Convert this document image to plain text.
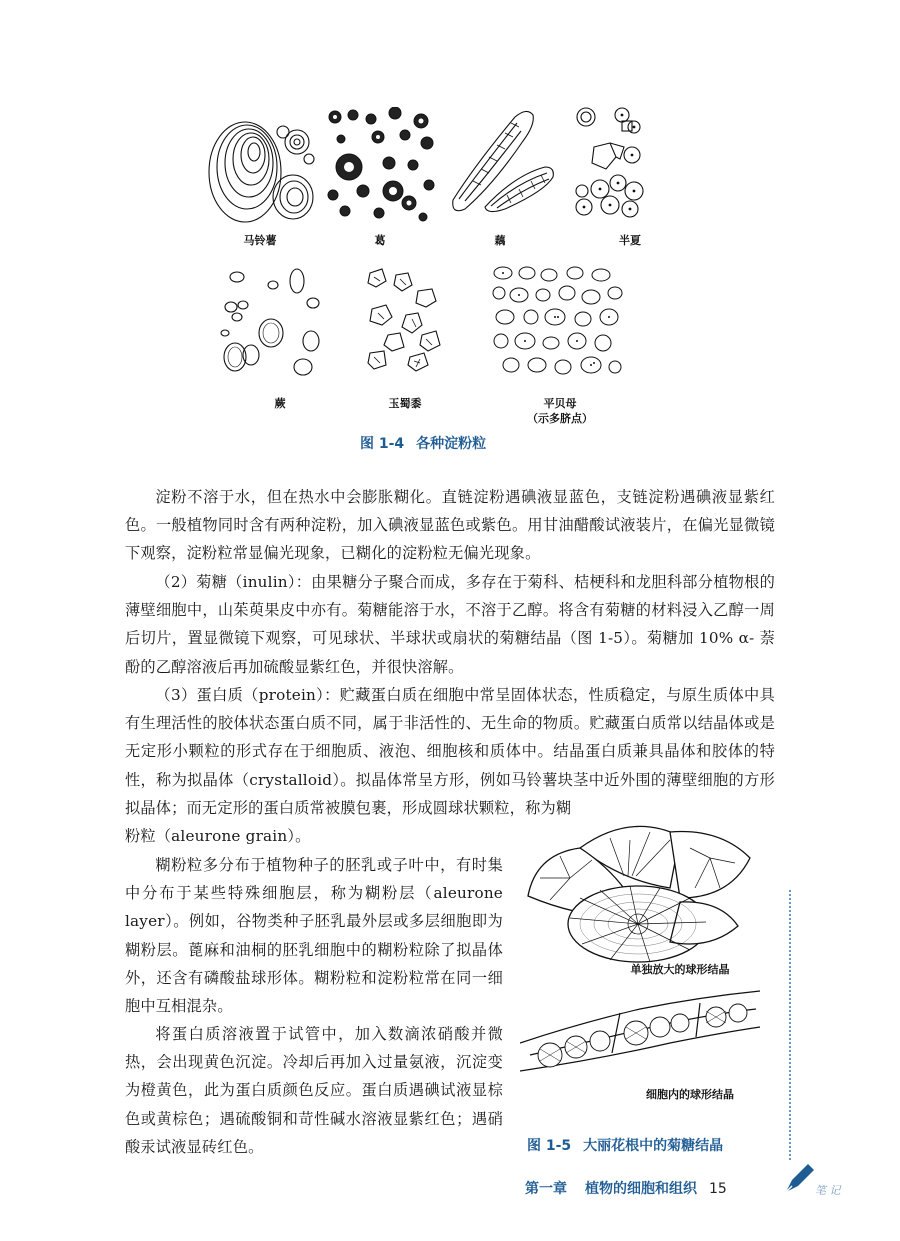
马铃薯	葛	藕	半夏
蕨	玉蜀黍	平贝母
（示多脐点）
图 1-4 各种淀粉粒

淀粉不溶于水，但在热水中会膨胀糊化。直链淀粉遇碘液显蓝色，支链淀粉遇碘液显紫红色。一般植物同时含有两种淀粉，加入碘液显蓝色或紫色。用甘油醋酸试液装片，在偏光显微镜下观察，淀粉粒常显偏光现象，已糊化的淀粉粒无偏光现象。

（2）菊糖（inulin）：由果糖分子聚合而成，多存在于菊科、桔梗科和龙胆科部分植物根的薄壁细胞中，山茱萸果皮中亦有。菊糖能溶于水，不溶于乙醇。将含有菊糖的材料浸入乙醇一周后切片，置显微镜下观察，可见球状、半球状或扇状的菊糖结晶（图 1-5）。菊糖加 10% α- 萘酚的乙醇溶液后再加硫酸显紫红色，并很快溶解。

（3）蛋白质（protein）：贮藏蛋白质在细胞中常呈固体状态，性质稳定，与原生质体中具有生理活性的胶体状态蛋白质不同，属于非活性的、无生命的物质。贮藏蛋白质常以结晶体或是无定形小颗粒的形式存在于细胞质、液泡、细胞核和质体中。结晶蛋白质兼具晶体和胶体的特性，称为拟晶体（crystalloid）。拟晶体常呈方形，例如马铃薯块茎中近外围的薄壁细胞的方形拟晶体；而无定形的蛋白质常被膜包裹，形成圆球状颗粒，称为糊

粉粒（aleurone grain）。

糊粉粒多分布于植物种子的胚乳或子叶中，有时集中分布于某些特殊细胞层，称为糊粉层（aleurone layer）。例如，谷物类种子胚乳最外层或多层细胞即为糊粉层。蓖麻和油桐的胚乳细胞中的糊粉粒除了拟晶体外，还含有磷酸盐球形体。糊粉粒和淀粉粒常在同一细胞中互相混杂。

将蛋白质溶液置于试管中，加入数滴浓硝酸并微热，会出现黄色沉淀。冷却后再加入过量氨液，沉淀变为橙黄色，此为蛋白质颜色反应。蛋白质遇碘试液显棕色或黄棕色；遇硫酸铜和苛性碱水溶液显紫红色；遇硝酸汞试液显砖红色。

单独放大的球形结晶
细胞内的球形结晶
图 1-5 大丽花根中的菊糖结晶
笔 记
第一章 植物的细胞和组织 15
